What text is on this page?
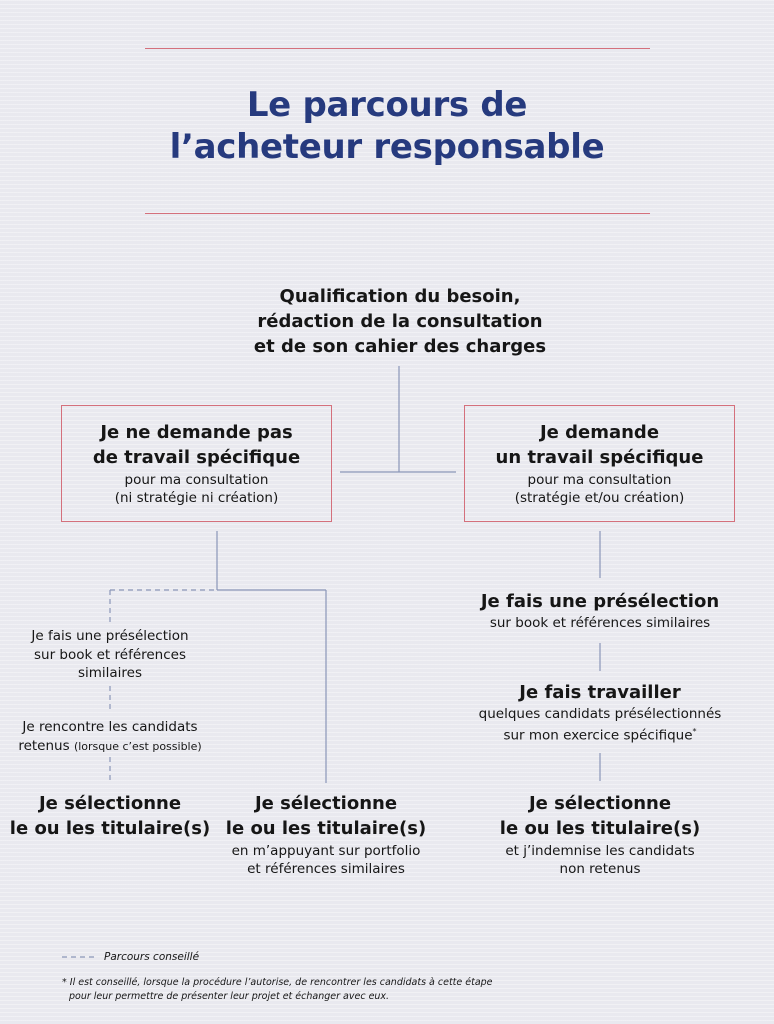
Le parcours de
l’acheteur responsable
Qualification du besoin,
rédaction de la consultation
et de son cahier des charges
Je ne demande pas
de travail spécifique
pour ma consultation
(ni stratégie ni création)
Je demande
un travail spécifique
pour ma consultation
(stratégie et/ou création)
Je fais une présélection
sur book et références
similaires
Je rencontre les candidats
retenus (lorsque c’est possible)
Je sélectionne
le ou les titulaire(s)
Je sélectionne
le ou les titulaire(s)
en m’appuyant sur portfolio
et références similaires
Je fais une présélection
sur book et références similaires
Je fais travailler
quelques candidats présélectionnés
sur mon exercice spécifique*
Je sélectionne
le ou les titulaire(s)
et j’indemnise les candidats
non retenus
Parcours conseillé
* Il est conseillé, lorsque la procédure l’autorise, de rencontrer les candidats à cette étape
pour leur permettre de présenter leur projet et échanger avec eux.
